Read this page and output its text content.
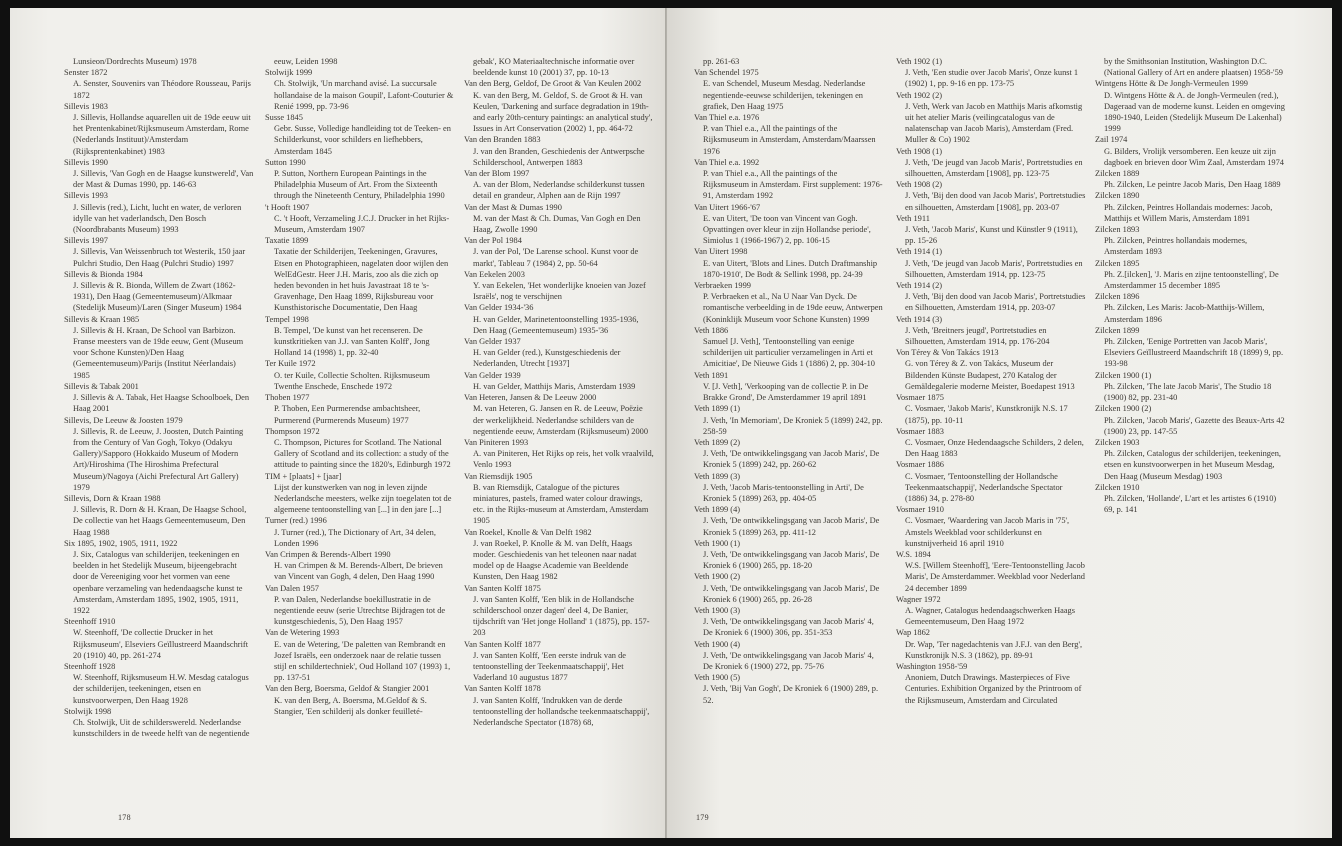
Lunsieon/Dordrechts Museum) 1978
Senster 1872
A. Senster, Souvenirs van Théodore Rousseau, Parijs 1872
Sillevis 1983
J. Sillevis, Hollandse aquarellen uit de 19de eeuw uit het Prentenkabinet/Rijksmuseum Amsterdam, Rome (Nederlands Instituut)/Amsterdam (Rijksprentenkabinet) 1983
Sillevis 1990
J. Sillevis, 'Van Gogh en de Haagse kunstwereld', Van der Mast & Dumas 1990, pp. 146-63
Sillevis 1993
J. Sillevis (red.), Licht, lucht en water, de verloren idylle van het vaderlandsch, Den Bosch (Noordbrabants Museum) 1993
Sillevis 1997
J. Sillevis, Van Weissenbruch tot Westerik, 150 jaar Pulchri Studio, Den Haag (Pulchri Studio) 1997
Sillevis & Bionda 1984
J. Sillevis & R. Bionda, Willem de Zwart (1862-1931), Den Haag (Gemeentemuseum)/Alkmaar (Stedelijk Museum)/Laren (Singer Museum) 1984
Sillevis & Kraan 1985
J. Sillevis & H. Kraan, De School van Barbizon. Franse meesters van de 19de eeuw, Gent (Museum voor Schone Kunsten)/Den Haag (Gemeentemuseum)/Parijs (Institut Néerlandais) 1985
Sillevis & Tabak 2001
J. Sillevis & A. Tabak, Het Haagse Schoolboek, Den Haag 2001
Sillevis, De Leeuw & Joosten 1979
J. Sillevis, R. de Leeuw, J. Joosten, Dutch Painting from the Century of Van Gogh, Tokyo (Odakyu Gallery)/Sapporo (Hokkaido Museum of Modern Art)/Hiroshima (The Hiroshima Prefectural Museum)/Nagoya (Aichi Prefectural Art Gallery) 1979
Sillevis, Dorn & Kraan 1988
J. Sillevis, R. Dorn & H. Kraan, De Haagse School, De collectie van het Haags Gemeentemuseum, Den Haag 1988
Six 1895, 1902, 1905, 1911, 1922
J. Six, Catalogus van schilderijen, teekeningen en beelden in het Stedelijk Museum, bijeengebracht door de Vereeniging voor het vormen van eene openbare verzameling van hedendaagsche kunst te Amsterdam, Amsterdam 1895, 1902, 1905, 1911, 1922
Steenhoff 1910
W. Steenhoff, 'De collectie Drucker in het Rijksmuseum', Elseviers Geïllustreerd Maandschrift 20 (1910) 40, pp. 261-274
Steenhoff 1928
W. Steenhoff, Rijksmuseum H.W. Mesdag catalogus der schilderijen, teekeningen, etsen en kunstvoorwerpen, Den Haag 1928
Stolwijk 1998
Ch. Stolwijk, Uit de schilderswereld. Nederlandse kunstschilders in de tweede helft van de negentiende
eeuw, Leiden 1998
Stolwijk 1999
Ch. Stolwijk, 'Un marchand avisé. La succursale hollandaise de la maison Goupil', Lafont-Couturier & Renié 1999, pp. 73-96
Susse 1845
Gebr. Susse, Volledige handleiding tot de Teeken- en Schilderkunst, voor schilders en liefhebbers, Amsterdam 1845
Sutton 1990
P. Sutton, Northern European Paintings in the Philadelphia Museum of Art. From the Sixteenth through the Nineteenth Century, Philadelphia 1990
't Hooft 1907
C. 't Hooft, Verzameling J.C.J. Drucker in het Rijks-Museum, Amsterdam 1907
Taxatie 1899
Taxatie der Schilderijen, Teekeningen, Gravures, Etsen en Photographieen, nagelaten door wijlen den WelEdGestr. Heer J.H. Maris, zoo als die zich op heden bevonden in het huis Javastraat 18 te 's-Gravenhage, Den Haag 1899, Rijksbureau voor Kunsthistorische Documentatie, Den Haag
Tempel 1998
B. Tempel, 'De kunst van het recenseren. De kunstkritieken van J.J. van Santen Kolff', Jong Holland 14 (1998) 1, pp. 32-40
Ter Kuile 1972
O. ter Kuile, Collectie Scholten. Rijksmuseum Twenthe Enschede, Enschede 1972
Thoben 1977
P. Thoben, Een Purmerendse ambachtsheer, Purmerend (Purmerends Museum) 1977
Thompson 1972
C. Thompson, Pictures for Scotland. The National Gallery of Scotland and its collection: a study of the attitude to painting since the 1820's, Edinburgh 1972
TIM + [plaats] + [jaar]
Lijst der kunstwerken van nog in leven zijnde Nederlandsche meesters, welke zijn toegelaten tot de algemeene tentoonstelling van [...] in den jare [...]
Turner (red.) 1996
J. Turner (red.), The Dictionary of Art, 34 delen, Londen 1996
Van Crimpen & Berends-Albert 1990
H. van Crimpen & M. Berends-Albert, De brieven van Vincent van Gogh, 4 delen, Den Haag 1990
Van Dalen 1957
P. van Dalen, Nederlandse boekillustratie in de negentiende eeuw (serie Utrechtse Bijdragen tot de kunstgeschiedenis, 5), Den Haag 1957
Van de Wetering 1993
E. van de Wetering, 'De paletten van Rembrandt en Jozef Israëls, een onderzoek naar de relatie tussen stijl en schildertechniek', Oud Holland 107 (1993) 1, pp. 137-51
Van den Berg, Boersma, Geldof & Stangier 2001
K. van den Berg, A. Boersma, M.Geldof & S. Stangier, 'Een schilderij als donker feuilleté-
gebak', KO Materiaaltechnische informatie over beeldende kunst 10 (2001) 37, pp. 10-13
Van den Berg, Geldof, De Groot & Van Keulen 2002
K. van den Berg, M. Geldof, S. de Groot & H. van Keulen, 'Darkening and surface degradation in 19th- and early 20th-century paintings: an analytical study', Issues in Art Conservation (2002) 1, pp. 464-72
Van den Branden 1883
J. van den Branden, Geschiedenis der Antwerpsche Schilderschool, Antwerpen 1883
Van der Blom 1997
A. van der Blom, Nederlandse schilderkunst tussen detail en grandeur, Alphen aan de Rijn 1997
Van der Mast & Dumas 1990
M. van der Mast & Ch. Dumas, Van Gogh en Den Haag, Zwolle 1990
Van der Pol 1984
J. van der Pol, 'De Larense school. Kunst voor de markt', Tableau 7 (1984) 2, pp. 50-64
Van Eekelen 2003
Y. van Eekelen, 'Het wonderlijke knoeien van Jozef Israëls', nog te verschijnen
Van Gelder 1934-'36
H. van Gelder, Marinetentoonstelling 1935-1936, Den Haag (Gemeentemuseum) 1935-'36
Van Gelder 1937
H. van Gelder (red.), Kunstgeschiedenis der Nederlanden, Utrecht [1937]
Van Gelder 1939
H. van Gelder, Matthijs Maris, Amsterdam 1939
Van Heteren, Jansen & De Leeuw 2000
M. van Heteren, G. Jansen en R. de Leeuw, Poëzie der werkelijkheid. Nederlandse schilders van de negentiende eeuw, Amsterdam (Rijksmuseum) 2000
Van Piniteren 1993
A. van Piniteren, Het Rijks op reis, het volk vraalvild, Venlo 1993
Van Riemsdijk 1905
B. van Riemsdijk, Catalogue of the pictures miniatures, pastels, framed water colour drawings, etc. in the Rijks-museum at Amsterdam, Amsterdam 1905
Van Roekel, Knolle & Van Delft 1982
J. van Roekel, P. Knolle & M. van Delft, Haags moder. Geschiedenis van het teleonen naar nadat model op de Haagse Academie van Beeldende Kunsten, Den Haag 1982
Van Santen Kolff 1875
J. van Santen Kolff, 'Een blik in de Hollandsche schilderschool onzer dagen' deel 4, De Banier, tijdschrift van 'Het jonge Holland' 1 (1875), pp. 157-203
Van Santen Kolff 1877
J. van Santen Kolff, 'Een eerste indruk van de tentoonstelling der Teekenmaatschappij', Het Vaderland 10 augustus 1877
Van Santen Kolff 1878
J. van Santen Kolff, 'Indrukken van de derde tentoonstelling der hollandsche teekenmaatschappij', Nederlandsche Spectator (1878) 68,
178
pp. 261-63
Van Schendel 1975
E. van Schendel, Museum Mesdag. Nederlandse negentiende-eeuwse schilderijen, tekeningen en grafiek, Den Haag 1975
Van Thiel e.a. 1976
P. van Thiel e.a., All the paintings of the Rijksmuseum in Amsterdam, Amsterdam/Maarssen 1976
Van Thiel e.a. 1992
P. van Thiel e.a., All the paintings of the Rijksmuseum in Amsterdam. First supplement: 1976-91, Amsterdam 1992
Van Uitert 1966-'67
E. van Uitert, 'De toon van Vincent van Gogh. Opvattingen over kleur in zijn Hollandse periode', Simiolus 1 (1966-1967) 2, pp. 106-15
Van Uitert 1998
E. van Uitert, 'Blots and Lines. Dutch Draftmanship 1870-1910', De Bodt & Sellink 1998, pp. 24-39
Verbraeken 1999
P. Verbraeken et al., Na U Naar Van Dyck. De romantische verbeelding in de 19de eeuw, Antwerpen (Koninklijk Museum voor Schone Kunsten) 1999
Veth 1886
Samuel [J. Veth], 'Tentoonstelling van eenige schilderijen uit particulier verzamelingen in Arti et Amicitiae', De Nieuwe Gids 1 (1886) 2, pp. 304-10
Veth 1891
V. [J. Veth], 'Verkooping van de collectie P. in De Brakke Grond', De Amsterdammer 19 april 1891
Veth 1899 (1)
J. Veth, 'In Memoriam', De Kroniek 5 (1899) 242, pp. 258-59
Veth 1899 (2)
J. Veth, 'De ontwikkelingsgang van Jacob Maris', De Kroniek 5 (1899) 242, pp. 260-62
Veth 1899 (3)
J. Veth, 'Jacob Maris-tentoonstelling in Arti', De Kroniek 5 (1899) 263, pp. 404-05
Veth 1899 (4)
J. Veth, 'De ontwikkelingsgang van Jacob Maris', De Kroniek 5 (1899) 263, pp. 411-12
Veth 1900 (1)
J. Veth, 'De ontwikkelingsgang van Jacob Maris', De Kroniek 6 (1900) 265, pp. 18-20
Veth 1900 (2)
J. Veth, 'De ontwikkelingsgang van Jacob Maris', De Kroniek 6 (1900) 265, pp. 26-28
Veth 1900 (3)
J. Veth, 'De ontwikkelingsgang van Jacob Maris' 4, De Kroniek 6 (1900) 306, pp. 351-353
Veth 1900 (4)
J. Veth, 'De ontwikkelingsgang van Jacob Maris' 4, De Kroniek 6 (1900) 272, pp. 75-76
Veth 1900 (5)
J. Veth, 'Bij Van Gogh', De Kroniek 6 (1900) 289, p. 52.
Veth 1902 (1)
J. Veth, 'Een studie over Jacob Maris', Onze kunst 1 (1902) 1, pp. 9-16 en pp. 173-75
Veth 1902 (2)
J. Veth, Werk van Jacob en Matthijs Maris afkomstig uit het atelier Maris (veilingcatalogus van de nalatenschap van Jacob Maris), Amsterdam (Fred. Muller & Co) 1902
Veth 1908 (1)
J. Veth, 'De jeugd van Jacob Maris', Portretstudies en silhouetten, Amsterdam [1908], pp. 123-75
Veth 1908 (2)
J. Veth, 'Bij den dood van Jacob Maris', Portretstudies en silhouetten, Amsterdam [1908], pp. 203-07
Veth 1911
J. Veth, 'Jacob Maris', Kunst und Künstler 9 (1911), pp. 15-26
Veth 1914 (1)
J. Veth, 'De jeugd van Jacob Maris', Portretstudies en Silhouetten, Amsterdam 1914, pp. 123-75
Veth 1914 (2)
J. Veth, 'Bij den dood van Jacob Maris', Portretstudies en Silhouetten, Amsterdam 1914, pp. 203-07
Veth 1914 (3)
J. Veth, 'Breitners jeugd', Portretstudies en Silhouetten, Amsterdam 1914, pp. 176-204
Von Térey & Von Takács 1913
G. von Térey & Z. von Takács, Museum der Bildenden Künste Budapest, 270 Katalog der Gemäldegalerie moderne Meister, Boedapest 1913
Vosmaer 1875
C. Vosmaer, 'Jakob Maris', Kunstkronijk N.S. 17 (1875), pp. 10-11
Vosmaer 1883
C. Vosmaer, Onze Hedendaagsche Schilders, 2 delen, Den Haag 1883
Vosmaer 1886
C. Vosmaer, 'Tentoonstelling der Hollandsche Teekenmaatschappij', Nederlandsche Spectator (1886) 34, p. 278-80
Vosmaer 1910
C. Vosmaer, 'Waardering van Jacob Maris in '75', Amstels Weekblad voor schilderkunst en kunstnijverheid 16 april 1910
W.S. 1894
W.S. [Willem Steenhoff], 'Eere-Tentoonstelling Jacob Maris', De Amsterdammer. Weekblad voor Nederland 24 december 1899
Wagner 1972
A. Wagner, Catalogus hedendaagschwerken Haags Gemeentemuseum, Den Haag 1972
Wap 1862
Dr. Wap, 'Ter nagedachtenis van J.F.J. van den Berg', Kunstkronijk N.S. 3 (1862), pp. 89-91
Washington 1958-'59
Anoniem, Dutch Drawings. Masterpieces of Five Centuries. Exhibition Organized by the Printroom of the Rijksmuseum, Amsterdam and Circulated
by the Smithsonian Institution, Washington D.C. (National Gallery of Art en andere plaatsen) 1958-'59
Wintgens Hötte & De Jongh-Vermeulen 1999
D. Wintgens Hötte & A. de Jongh-Vermeulen (red.), Dageraad van de moderne kunst. Leiden en omgeving 1890-1940, Leiden (Stedelijk Museum De Lakenhal) 1999
Zail 1974
G. Bilders, Vrolijk versomberen. Een keuze uit zijn dagboek en brieven door Wim Zaal, Amsterdam 1974
Zilcken 1889
Ph. Zilcken, Le peintre Jacob Maris, Den Haag 1889
Zilcken 1890
Ph. Zilcken, Peintres Hollandais modernes: Jacob, Matthijs et Willem Maris, Amsterdam 1891
Zilcken 1893
Ph. Zilcken, Peintres hollandais modernes, Amsterdam 1893
Zilcken 1895
Ph. Z.[ilcken], 'J. Maris en zijne tentoonstelling', De Amsterdammer 15 december 1895
Zilcken 1896
Ph. Zilcken, Les Maris: Jacob-Matthijs-Willem, Amsterdam 1896
Zilcken 1899
Ph. Zilcken, 'Eenige Portretten van Jacob Maris', Elseviers Geïllustreerd Maandschrift 18 (1899) 9, pp. 193-98
Zilcken 1900 (1)
Ph. Zilcken, 'The late Jacob Maris', The Studio 18 (1900) 82, pp. 231-40
Zilcken 1900 (2)
Ph. Zilcken, 'Jacob Maris', Gazette des Beaux-Arts 42 (1900) 23, pp. 147-55
Zilcken 1903
Ph. Zilcken, Catalogus der schilderijen, teekeningen, etsen en kunstvoorwerpen in het Museum Mesdag, Den Haag (Museum Mesdag) 1903
Zilcken 1910
Ph. Zilcken, 'Hollande', L'art et les artistes 6 (1910) 69, p. 141
179
